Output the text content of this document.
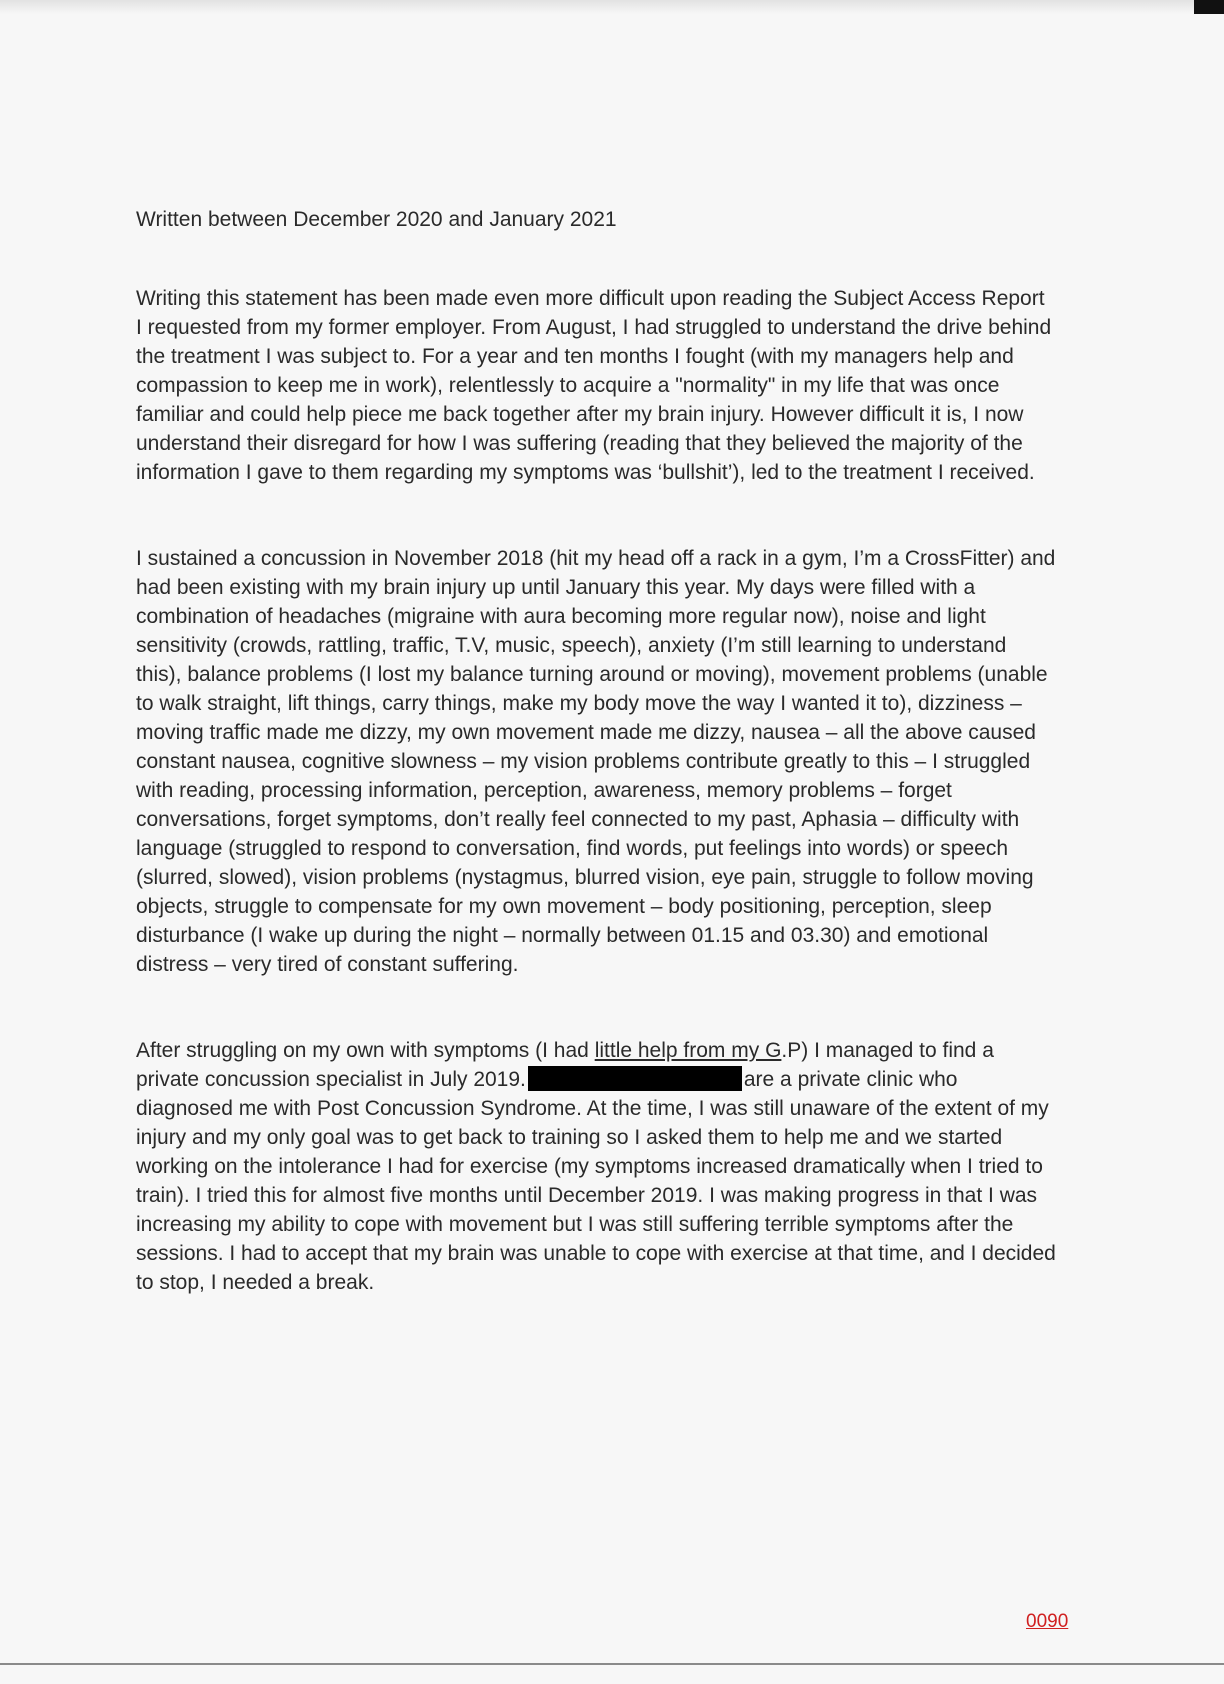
Written between December 2020 and January 2021

Writing this statement has been made even more difficult upon reading the Subject Access Report I requested from my former employer. From August, I had struggled to understand the drive behind the treatment I was subject to. For a year and ten months I fought (with my managers help and compassion to keep me in work), relentlessly to acquire a "normality" in my life that was once familiar and could help piece me back together after my brain injury. However difficult it is, I now understand their disregard for how I was suffering (reading that they believed the majority of the information I gave to them regarding my symptoms was ‘bullshit’), led to the treatment I received.

I sustained a concussion in November 2018 (hit my head off a rack in a gym, I’m a CrossFitter) and had been existing with my brain injury up until January this year. My days were filled with a combination of headaches (migraine with aura becoming more regular now), noise and light sensitivity (crowds, rattling, traffic, T.V, music, speech), anxiety (I’m still learning to understand this), balance problems (I lost my balance turning around or moving), movement problems (unable to walk straight, lift things, carry things, make my body move the way I wanted it to), dizziness – moving traffic made me dizzy, my own movement made me dizzy, nausea – all the above caused constant nausea, cognitive slowness – my vision problems contribute greatly to this – I struggled with reading, processing information, perception, awareness, memory problems – forget conversations, forget symptoms, don’t really feel connected to my past, Aphasia – difficulty with language (struggled to respond to conversation, find words, put feelings into words) or speech (slurred, slowed), vision problems (nystagmus, blurred vision, eye pain, struggle to follow moving objects, struggle to compensate for my own movement – body positioning, perception, sleep disturbance (I wake up during the night – normally between 01.15 and 03.30) and emotional distress – very tired of constant suffering.

After struggling on my own with symptoms (I had little help from my G.P) I managed to find a private concussion specialist in July 2019.	are a private clinic who diagnosed me with Post Concussion Syndrome. At the time, I was still unaware of the extent of my injury and my only goal was to get back to training so I asked them to help me and we started working on the intolerance I had for exercise (my symptoms increased dramatically when I tried to train). I tried this for almost five months until December 2019. I was making progress in that I was increasing my ability to cope with movement but I was still suffering terrible symptoms after the sessions. I had to accept that my brain was unable to cope with exercise at that time, and I decided to stop, I needed a break.

0090
